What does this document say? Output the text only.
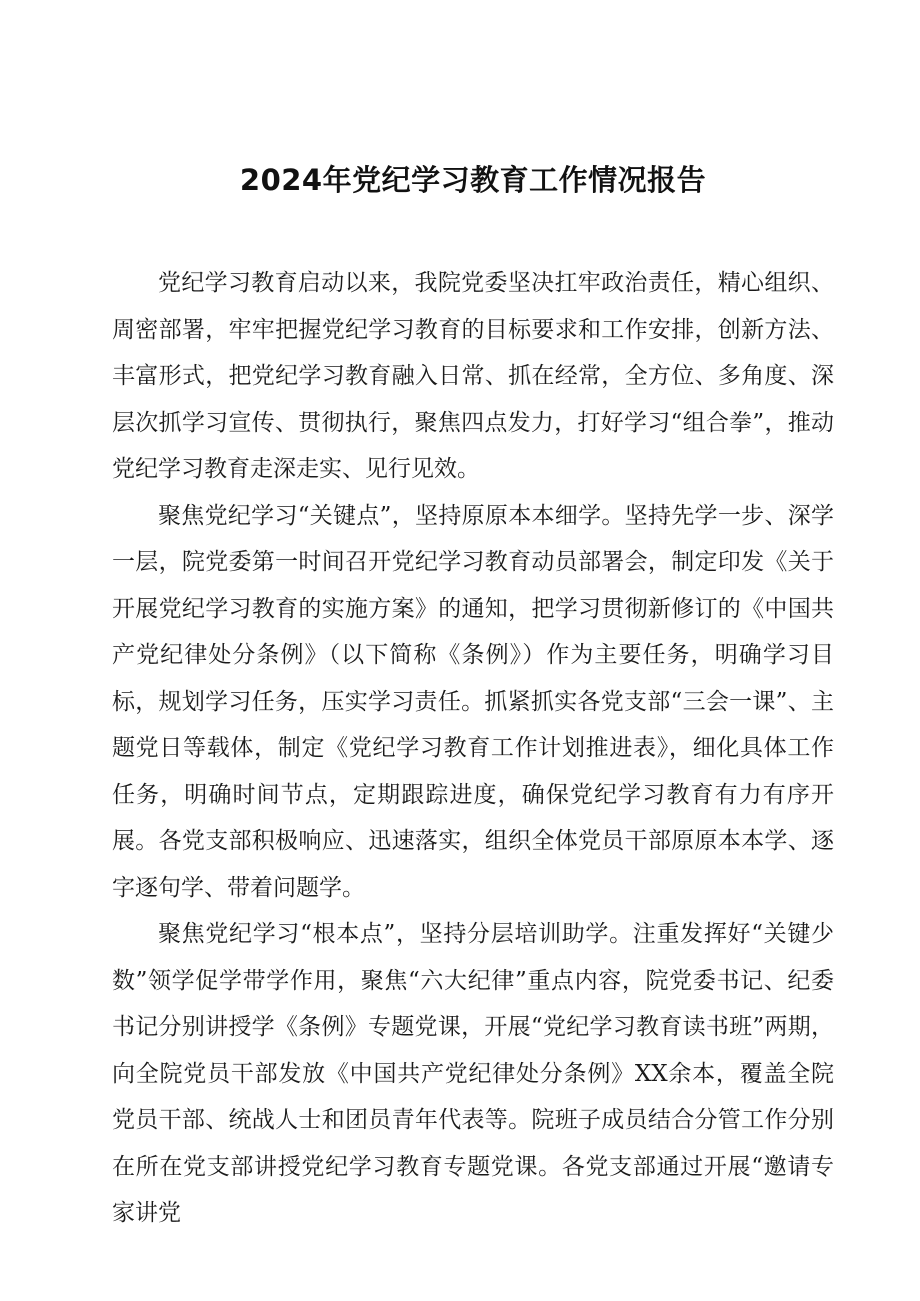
2024年党纪学习教育工作情况报告

党纪学习教育启动以来，我院党委坚决扛牢政治责任，精心组织、周密部署，牢牢把握党纪学习教育的目标要求和工作安排，创新方法、丰富形式，把党纪学习教育融入日常、抓在经常，全方位、多角度、深层次抓学习宣传、贯彻执行，聚焦四点发力，打好学习“组合拳”，推动党纪学习教育走深走实、见行见效。

聚焦党纪学习“关键点”，坚持原原本本细学。坚持先学一步、深学一层，院党委第一时间召开党纪学习教育动员部署会，制定印发《关于开展党纪学习教育的实施方案》的通知，把学习贯彻新修订的《中国共产党纪律处分条例》（以下简称《条例》）作为主要任务，明确学习目标，规划学习任务，压实学习责任。抓紧抓实各党支部“三会一课”、主题党日等载体，制定《党纪学习教育工作计划推进表》，细化具体工作任务，明确时间节点，定期跟踪进度，确保党纪学习教育有力有序开展。各党支部积极响应、迅速落实，组织全体党员干部原原本本学、逐字逐句学、带着问题学。

聚焦党纪学习“根本点”，坚持分层培训助学。注重发挥好“关键少数”领学促学带学作用，聚焦“六大纪律”重点内容，院党委书记、纪委书记分别讲授学《条例》专题党课，开展“党纪学习教育读书班”两期，向全院党员干部发放《中国共产党纪律处分条例》XX余本，覆盖全院党员干部、统战人士和团员青年代表等。院班子成员结合分管工作分别在所在党支部讲授党纪学习教育专题党课。各党支部通过开展“邀请专家讲党
